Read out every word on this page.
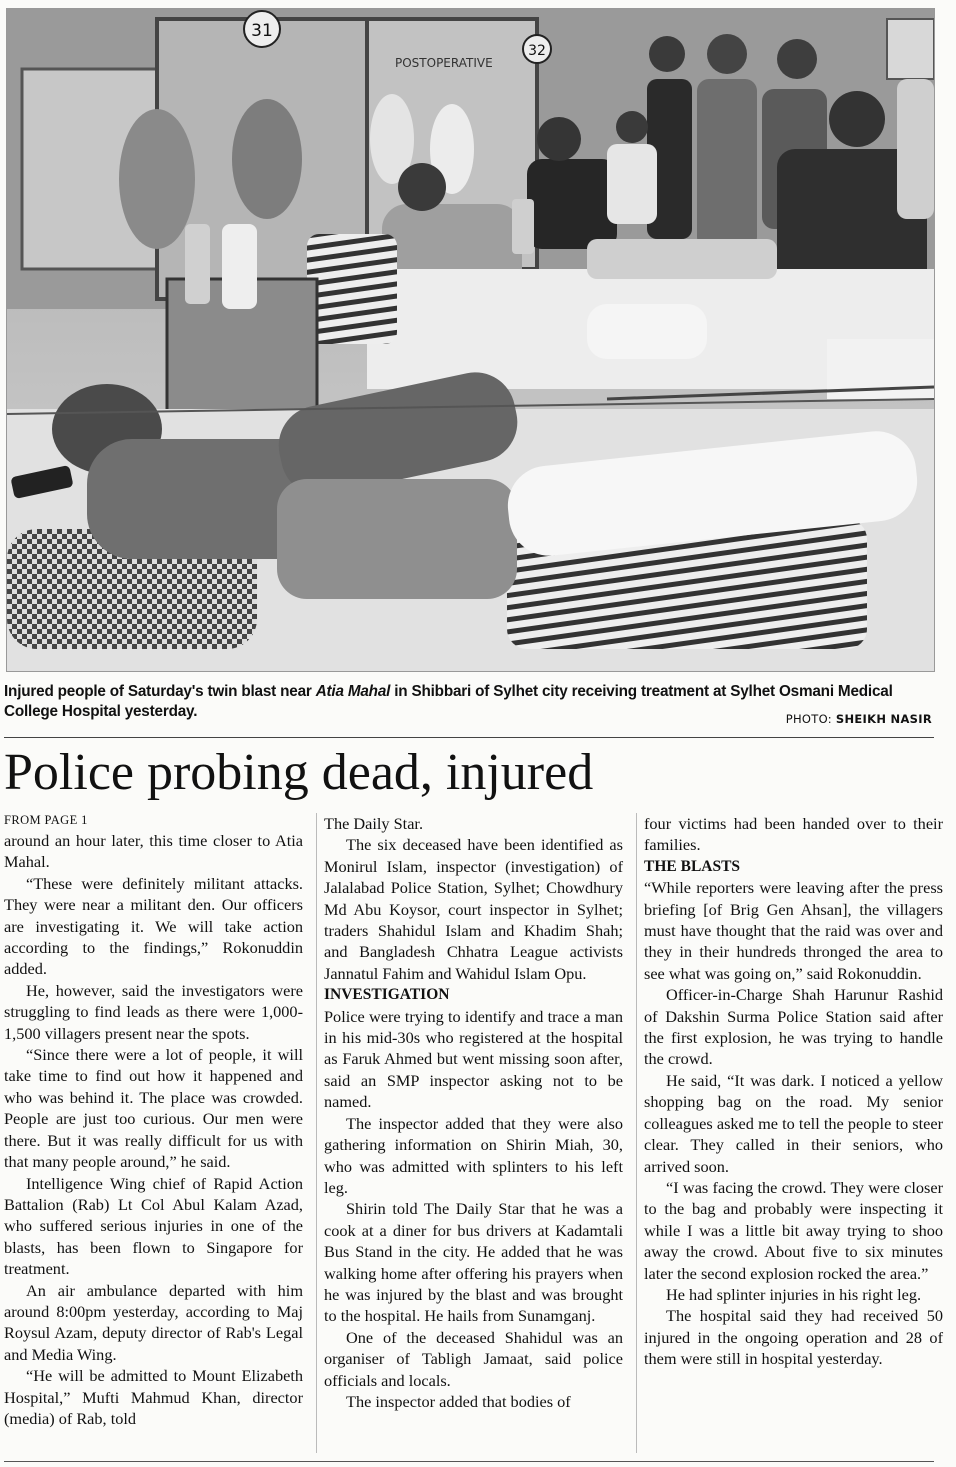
31
32
POSTOPERATIVE
Injured people of Saturday's twin blast near Atia Mahal in Shibbari of Sylhet city receiving treatment at Sylhet Osmani Medical College Hospital yesterday.	PHOTO: SHEIKH NASIR
Police probing dead, injured

FROM PAGE 1

around an hour later, this time closer to Atia Mahal.

“These were definitely militant attacks. They were near a militant den. Our officers are investigating it. We will take action according to the findings,” Rokonuddin added.

He, however, said the investigators were struggling to find leads as there were 1,000-1,500 villagers present near the spots.

“Since there were a lot of people, it will take time to find out how it happened and who was behind it. The place was crowded. People are just too curious. Our men were there. But it was really difficult for us with that many people around,” he said.

Intelligence Wing chief of Rapid Action Battalion (Rab) Lt Col Abul Kalam Azad, who suffered serious injuries in one of the blasts, has been flown to Singapore for treatment.

An air ambulance departed with him around 8:00pm yesterday, according to Maj Roysul Azam, deputy director of Rab's Legal and Media Wing.

“He will be admitted to Mount Elizabeth Hospital,” Mufti Mahmud Khan, director (media) of Rab, told

The Daily Star.

The six deceased have been identified as Monirul Islam, inspector (investigation) of Jalalabad Police Station, Sylhet; Chowdhury Md Abu Koysor, court inspector in Sylhet; traders Shahidul Islam and Khadim Shah; and Bangladesh Chhatra League activists Jannatul Fahim and Wahidul Islam Opu.

INVESTIGATION

Police were trying to identify and trace a man in his mid-30s who registered at the hospital as Faruk Ahmed but went missing soon after, said an SMP inspector asking not to be named.

The inspector added that they were also gathering information on Shirin Miah, 30, who was admitted with splinters to his left leg.

Shirin told The Daily Star that he was a cook at a diner for bus drivers at Kadamtali Bus Stand in the city. He added that he was walking home after offering his prayers when he was injured by the blast and was brought to the hospital. He hails from Sunamganj.

One of the deceased Shahidul was an organiser of Tabligh Jamaat, said police officials and locals.

The inspector added that bodies of

four victims had been handed over to their families.

THE BLASTS

“While reporters were leaving after the press briefing [of Brig Gen Ahsan], the villagers must have thought that the raid was over and they in their hundreds thronged the area to see what was going on,” said Rokonuddin.

Officer-in-Charge Shah Harunur Rashid of Dakshin Surma Police Station said after the first explosion, he was trying to handle the crowd.

He said, “It was dark. I noticed a yellow shopping bag on the road. My senior colleagues asked me to tell the people to steer clear. They called in their seniors, who arrived soon.

“I was facing the crowd. They were closer to the bag and probably were inspecting it while I was a little bit away trying to shoo away the crowd. About five to six minutes later the second explosion rocked the area.”

He had splinter injuries in his right leg.

The hospital said they had received 50 injured in the ongoing operation and 28 of them were still in hospital yesterday.
